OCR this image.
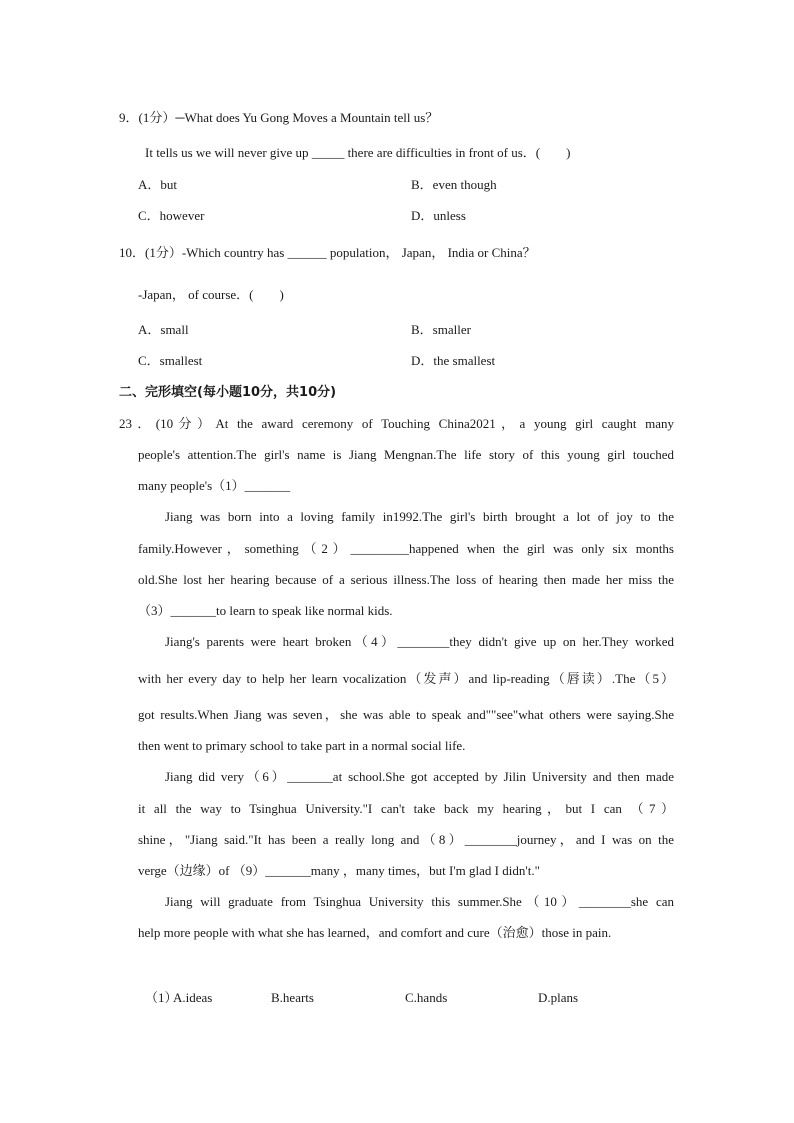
9．(1分）─What does Yu Gong Moves a Mountain tell us？
It tells us we will never give up _____ there are difficulties in front of us．( )
A．but	B．even though
C．however	D．unless
10．(1分）-Which country has ______ population， Japan， India or China？
-Japan， of course．( )
A．small	B．smaller
C．smallest	D．the smallest
二、完形填空(每小题10分，共10分)
23．(10分）At the award ceremony of Touching China2021，a young girl caught many
people's attention.The girl's name is Jiang Mengnan.The life story of this young girl touched
many people's（1）_______
Jiang was born into a loving family in1992.The girl's birth brought a lot of joy to the
family.However，something（2）_________happened when the girl was only six months
old.She lost her hearing because of a serious illness.The loss of hearing then made her miss the
（3）_______to learn to speak like normal kids.
Jiang's parents were heart broken（4）________they didn't give up on her.They worked
with her every day to help her learn vocalization（发声）and lip-reading（唇读）.The（5）
got results.When Jiang was seven，she was able to speak and""see"what others were saying.She
then went to primary school to take part in a normal social life.
Jiang did very（6）_______at school.She got accepted by Jilin University and then made
it all the way to Tsinghua University."I can't take back my hearing，but I can （7）
shine，"Jiang said."It has been a really long and（8）________journey，and I was on the
verge（边缘）of （9）_______many ，many times，but I'm glad I didn't."
Jiang will graduate from Tsinghua University this summer.She（10）________she can
help more people with what she has learned，and comfort and cure（治愈）those in pain.
（1）
A.ideas	B.hearts	C.hands	D.plans
